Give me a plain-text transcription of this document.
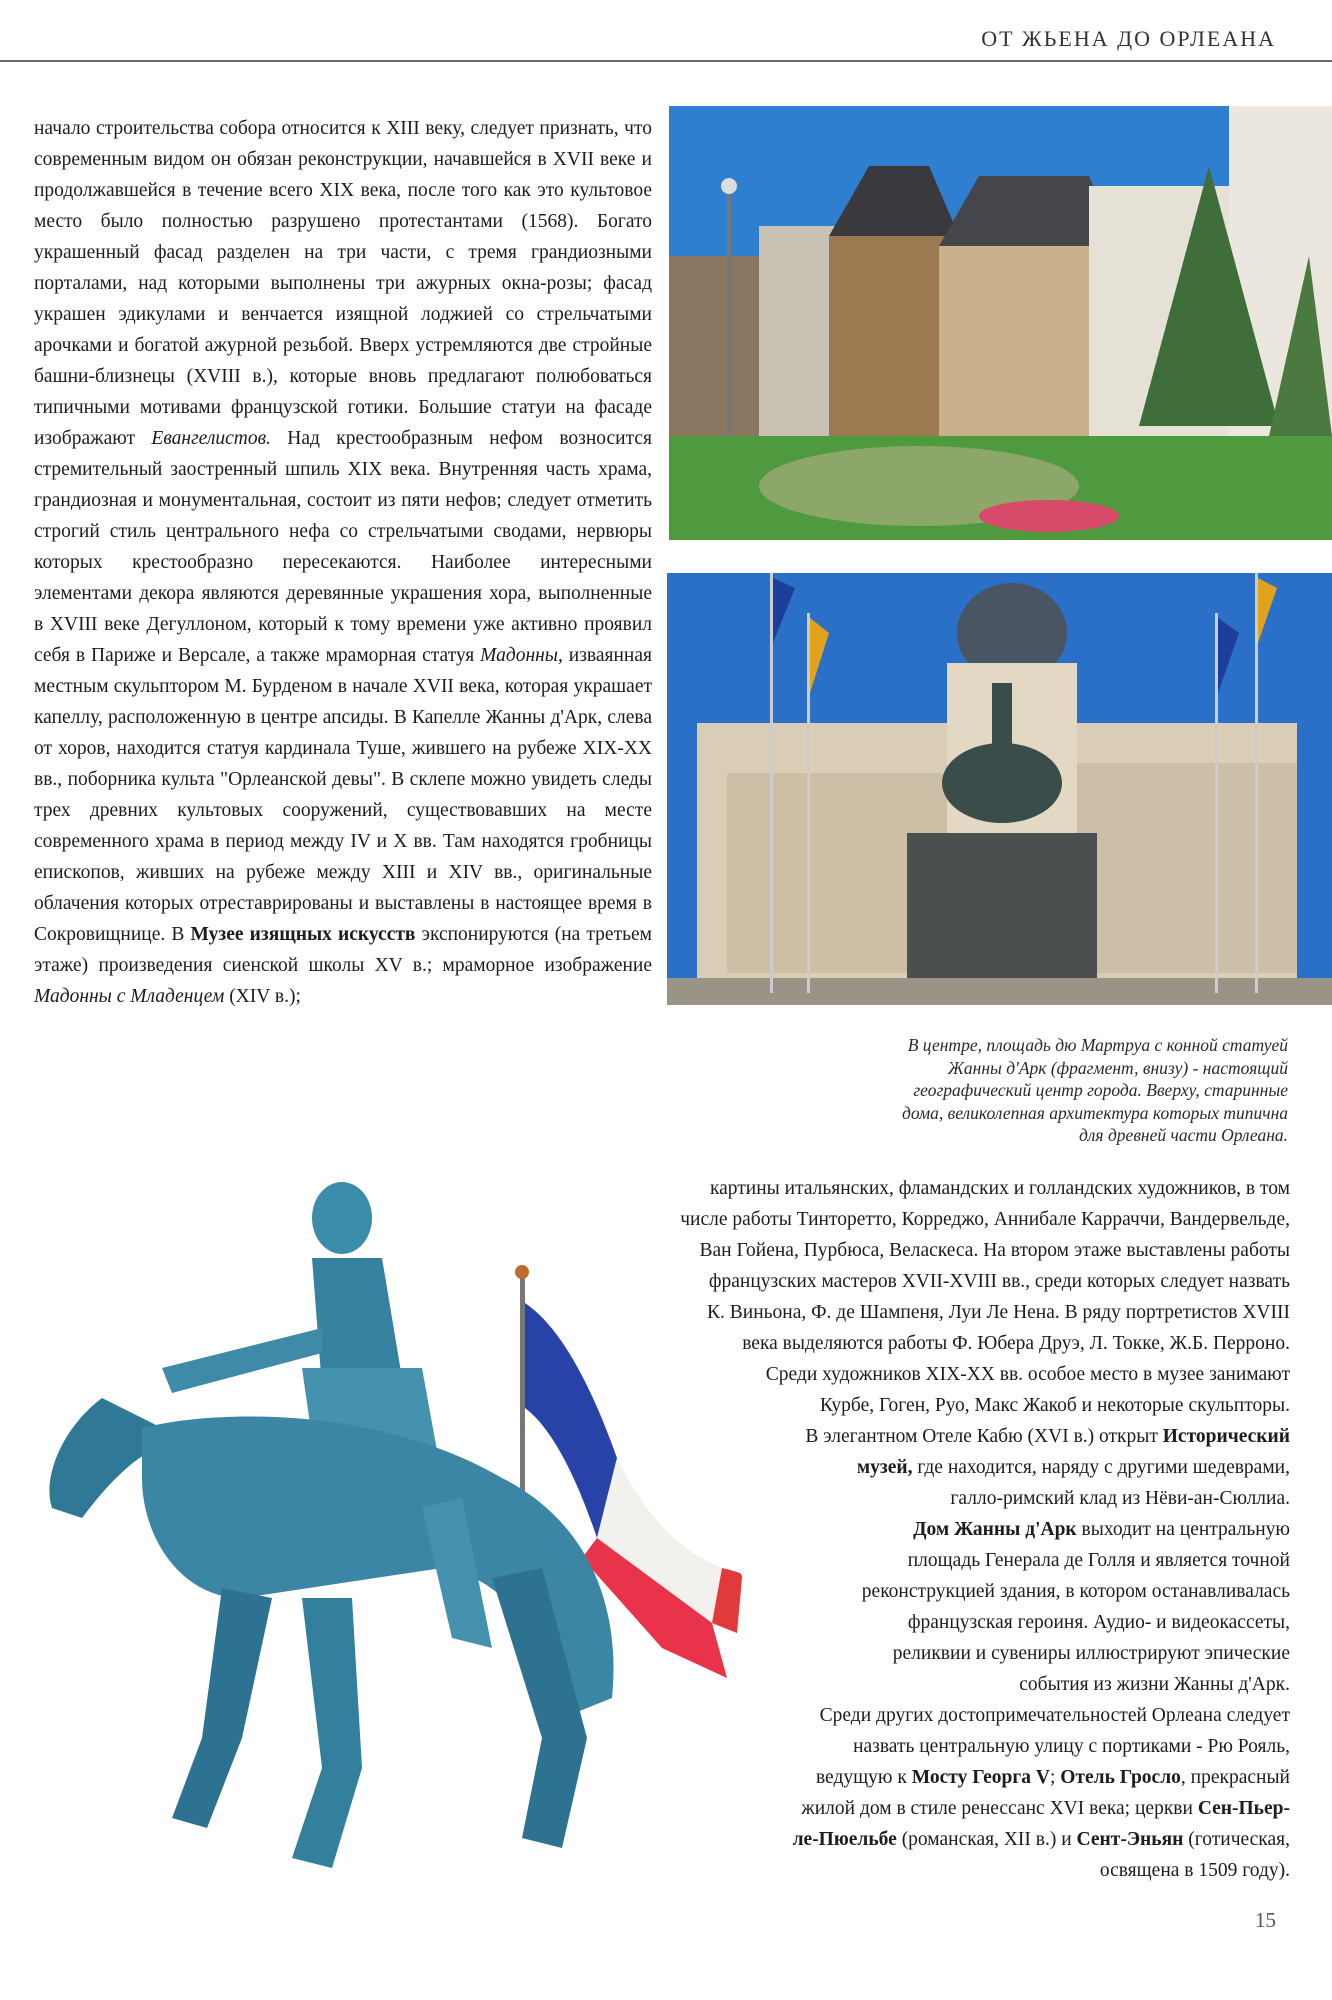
ОТ ЖЬЕНА ДО ОРЛЕАНА

начало строительства собора относится к XIII веку, следует признать, что современным видом он обязан реконструкции, начавшейся в XVII веке и продолжавшейся в течение всего XIX века, после того как это культовое место было полностью разрушено протестантами (1568). Богато украшенный фасад разделен на три части, с тремя грандиозными порталами, над которыми выполнены три ажурных окна-розы; фасад украшен эдикулами и венчается изящной лоджией со стрельчатыми арочками и богатой ажурной резьбой. Вверх устремляются две стройные башни-близнецы (XVIII в.), которые вновь предлагают полюбоваться типичными мотивами французской готики. Большие статуи на фасаде изображают Евангелистов. Над крестообразным нефом возносится стремительный заостренный шпиль XIX века. Внутренняя часть храма, грандиозная и монументальная, состоит из пяти нефов; следует отметить строгий стиль центрального нефа со стрельчатыми сводами, нервюры которых крестообразно пересекаются. Наиболее интересными элементами декора являются деревянные украшения хора, выполненные в XVIII веке Дегуллоном, который к тому времени уже активно проявил себя в Париже и Версале, а также мраморная статуя Мадонны, изваянная местным скульптором М. Бурденом в начале XVII века, которая украшает капеллу, расположенную в центре апсиды. В Капелле Жанны д'Арк, слева от хоров, находится статуя кардинала Туше, жившего на рубеже XIX-XX вв., поборника культа "Орлеанской девы". В склепе можно увидеть следы трех древних культовых сооружений, существовавших на месте современного храма в период между IV и X вв. Там находятся гробницы епископов, живших на рубеже между XIII и XIV вв., оригинальные облачения которых отреставрированы и выставлены в настоящее время в Сокровищнице. В Музее изящных искусств экспонируются (на третьем этаже) произведения сиенской школы XV в.; мраморное изображение Мадонны с Младенцем (XIV в.);

В центре, площадь дю Мартруа с конной статуей
Жанны д'Арк (фрагмент, внизу) - настоящий
географический центр города. Вверху, старинные
дома, великолепная архитектура которых типична
для древней части Орлеана.
картины итальянских, фламандских и голландских художников, в том
числе работы Тинторетто, Корреджо, Аннибале Карраччи, Вандервельде,
Ван Гойена, Пурбюса, Веласкеса. На втором этаже выставлены работы
французских мастеров XVII-XVIII вв., среди которых следует назвать
К. Виньона, Ф. де Шампеня, Луи Ле Нена. В ряду портретистов XVIII
века выделяются работы Ф. Юбера Друэ, Л. Токке, Ж.Б. Перроно.
Среди художников XIX-XX вв. особое место в музее занимают
Курбе, Гоген, Руо, Макс Жакоб и некоторые скульпторы.
В элегантном Отеле Кабю (XVI в.) открыт Исторический
музей, где находится, наряду с другими шедеврами,
галло-римский клад из Нёви-ан-Сюллиа.
Дом Жанны д'Арк выходит на центральную
площадь Генерала де Голля и является точной
реконструкцией здания, в котором останавливалась
французская героиня. Аудио- и видеокассеты,
реликвии и сувениры иллюстрируют эпические
события из жизни Жанны д'Арк.
Среди других достопримечательностей Орлеана следует
назвать центральную улицу с портиками - Рю Рояль,
ведущую к Мосту Георга V; Отель Гросло, прекрасный
жилой дом в стиле ренессанс XVI века; церкви Сен-Пьер-
ле-Пюельбе (романская, XII в.) и Сент-Эньян (готическая,
освящена в 1509 году).
15
